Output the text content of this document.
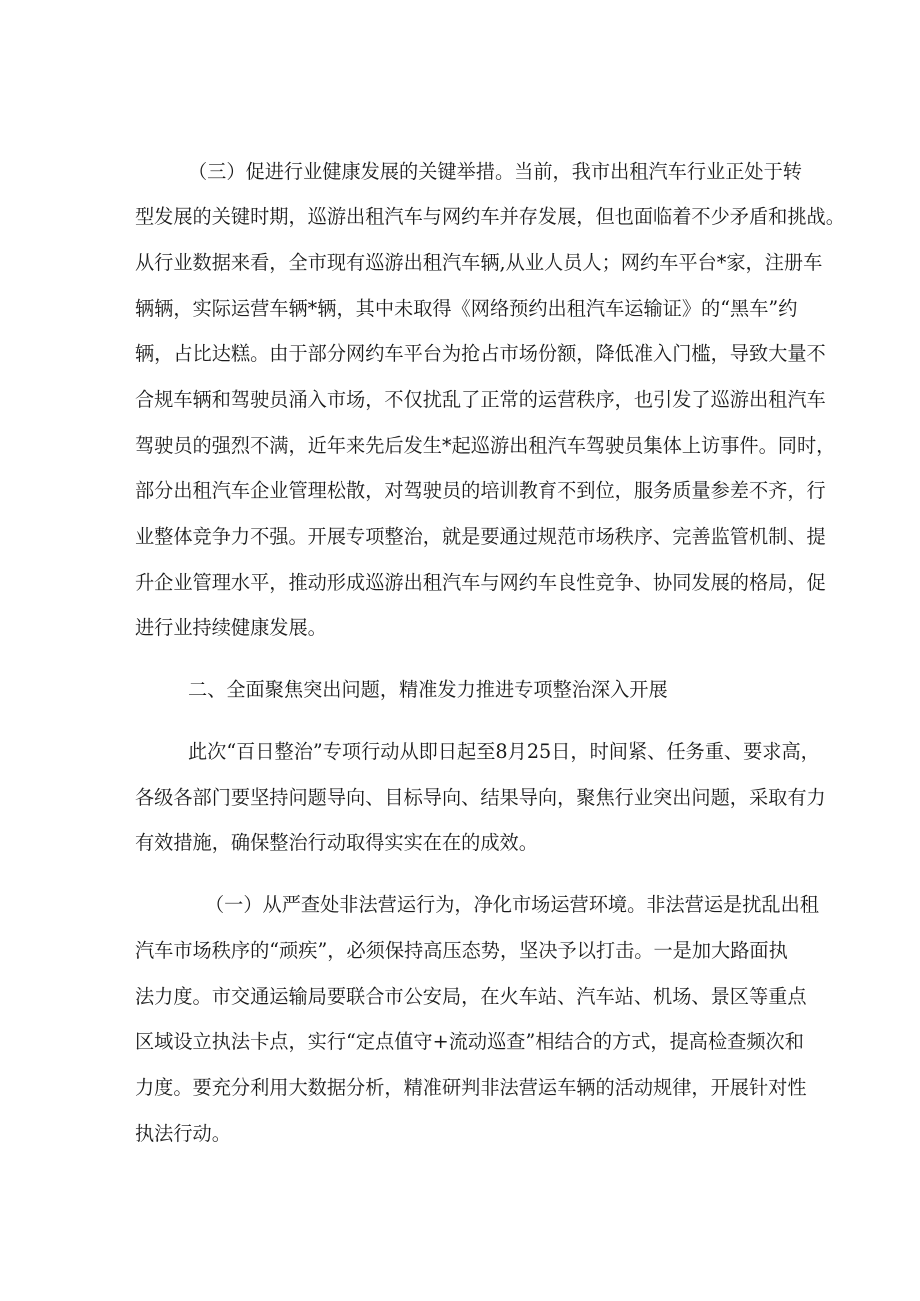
（三）促进行业健康发展的关键举措。当前，我市出租汽车行业正处于转
型发展的关键时期，巡游出租汽车与网约车并存发展，但也面临着不少矛盾和挑战。
从行业数据来看，全市现有巡游出租汽车辆,从业人员人；网约车平台*家，注册车
辆辆，实际运营车辆*辆，其中未取得《网络预约出租汽车运输证》的“黑车”约
辆，占比达糕。由于部分网约车平台为抢占市场份额，降低准入门槛，导致大量不
合规车辆和驾驶员涌入市场，不仅扰乱了正常的运营秩序，也引发了巡游出租汽车
驾驶员的强烈不满，近年来先后发生*起巡游出租汽车驾驶员集体上访事件。同时，
部分出租汽车企业管理松散，对驾驶员的培训教育不到位，服务质量参差不齐，行
业整体竞争力不强。开展专项整治，就是要通过规范市场秩序、完善监管机制、提
升企业管理水平，推动形成巡游出租汽车与网约车良性竞争、协同发展的格局，促
进行业持续健康发展。
二、全面聚焦突出问题，精准发力推进专项整治深入开展
此次“百日整治”专项行动从即日起至8月25日，时间紧、任务重、要求高，
各级各部门要坚持问题导向、目标导向、结果导向，聚焦行业突出问题，采取有力
有效措施，确保整治行动取得实实在在的成效。
（一）从严查处非法营运行为，净化市场运营环境。非法营运是扰乱出租
汽车市场秩序的“顽疾”，必须保持高压态势，坚决予以打击。一是加大路面执
法力度。市交通运输局要联合市公安局，在火车站、汽车站、机场、景区等重点
区域设立执法卡点，实行“定点值守+流动巡查”相结合的方式，提高检查频次和
力度。要充分利用大数据分析，精准研判非法营运车辆的活动规律，开展针对性
执法行动。
